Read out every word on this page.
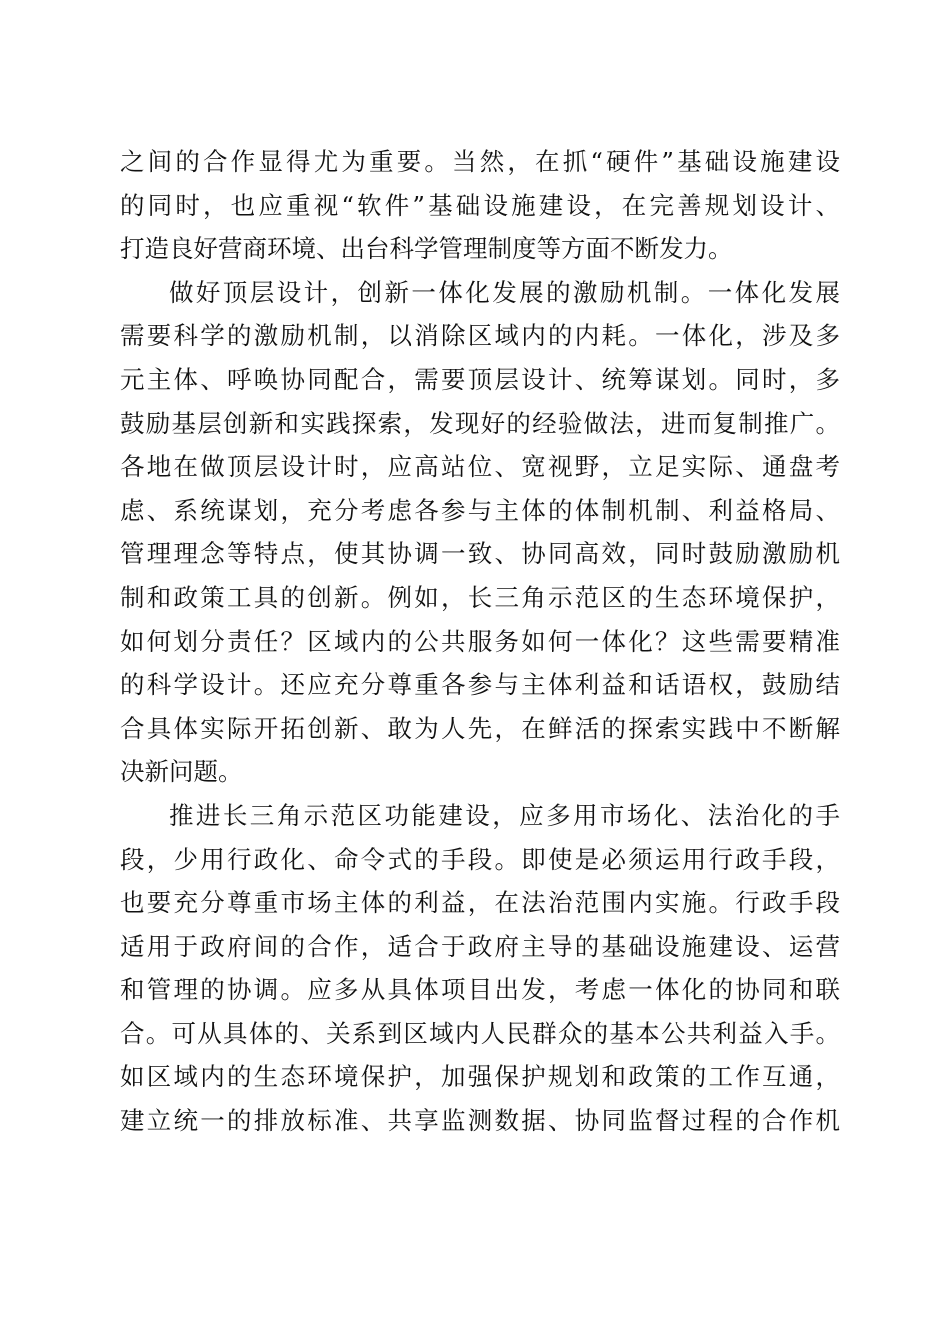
之间的合作显得尤为重要。当然，在抓“硬件”基础设施建设
的同时，也应重视“软件”基础设施建设，在完善规划设计、
打造良好营商环境、出台科学管理制度等方面不断发力。
做好顶层设计，创新一体化发展的激励机制。一体化发展
需要科学的激励机制，以消除区域内的内耗。一体化，涉及多
元主体、呼唤协同配合，需要顶层设计、统筹谋划。同时，多
鼓励基层创新和实践探索，发现好的经验做法，进而复制推广。
各地在做顶层设计时，应高站位、宽视野，立足实际、通盘考
虑、系统谋划，充分考虑各参与主体的体制机制、利益格局、
管理理念等特点，使其协调一致、协同高效，同时鼓励激励机
制和政策工具的创新。例如，长三角示范区的生态环境保护，
如何划分责任？区域内的公共服务如何一体化？这些需要精准
的科学设计。还应充分尊重各参与主体利益和话语权，鼓励结
合具体实际开拓创新、敢为人先，在鲜活的探索实践中不断解
决新问题。
推进长三角示范区功能建设，应多用市场化、法治化的手
段，少用行政化、命令式的手段。即使是必须运用行政手段，
也要充分尊重市场主体的利益，在法治范围内实施。行政手段
适用于政府间的合作，适合于政府主导的基础设施建设、运营
和管理的协调。应多从具体项目出发，考虑一体化的协同和联
合。可从具体的、关系到区域内人民群众的基本公共利益入手。
如区域内的生态环境保护，加强保护规划和政策的工作互通，
建立统一的排放标准、共享监测数据、协同监督过程的合作机
